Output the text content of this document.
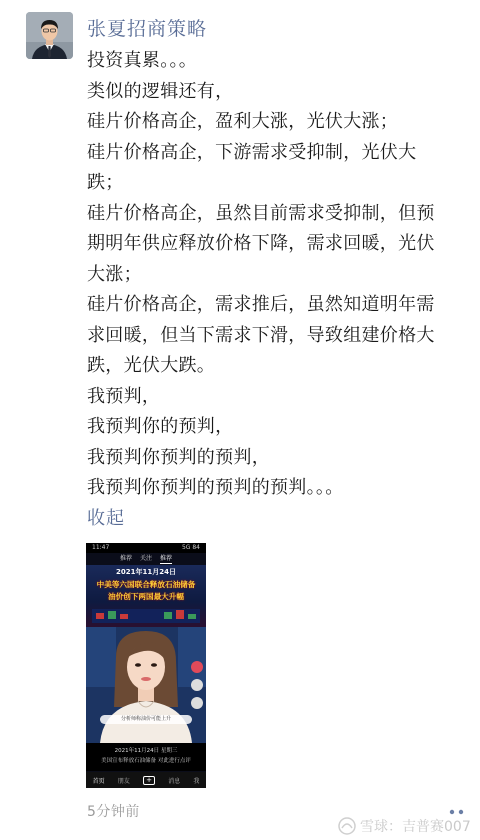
张夏招商策略
投资真累。。。
类似的逻辑还有，
硅片价格高企，盈利大涨，光伏大涨；
硅片价格高企，下游需求受抑制，光伏大
跌；
硅片价格高企，虽然目前需求受抑制，但预
期明年供应释放价格下降，需求回暖，光伏
大涨；
硅片价格高企，需求推后，虽然知道明年需
求回暖，但当下需求下滑，导致组建价格大
跌，光伏大跌。
我预判，
我预判你的预判，
我预判你预判的预判，
我预判你预判的预判的预判。。。
收起
11:47	5G 84
推荐 关注 推荐
2021年11月24日
中美等六国联合释放石油储备
油价创下两国最大升幅
分析师称油价可能上升
2021年11月24日 星期三
美国宣布释放石油储备 对此进行点评
首页 朋友	+	消息 我
5分钟前
雪球：吉普赛007
